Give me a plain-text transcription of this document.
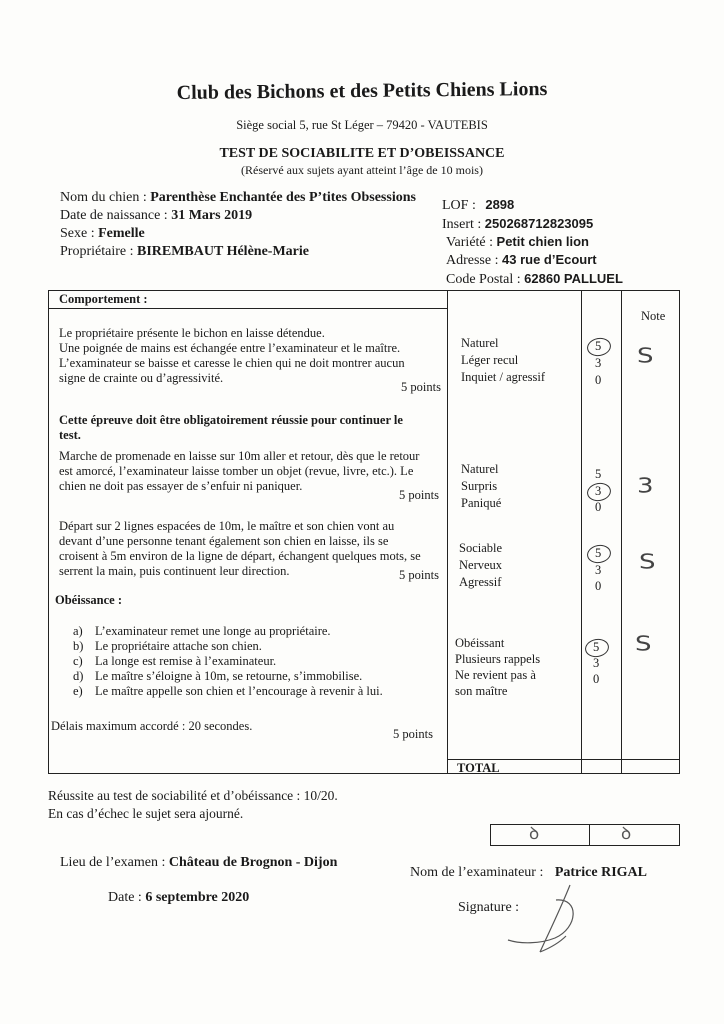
Club des Bichons et des Petits Chiens Lions
Siège social 5, rue St Léger – 79420 - VAUTEBIS
TEST DE SOCIABILITE ET D’OBEISSANCE
(Réservé aux sujets ayant atteint l’âge de 10 mois)
Nom du chien : Parenthèse Enchantée des P’tites Obsessions
Date de naissance : 31 Mars 2019
Sexe : Femelle
Propriétaire : BIREMBAUT Hélène-Marie
LOF : 2898
Insert : 250268712823095
Variété : Petit chien lion
Adresse : 43 rue d’Ecourt
Code Postal : 62860 PALLUEL
Comportement :
Note
Le propriétaire présente le bichon en laisse détendue.
Une poignée de mains est échangée entre l’examinateur et le maître.
L’examinateur se baisse et caresse le chien qui ne doit montrer aucun
signe de crainte ou d’agressivité.
5 points
Naturel
Léger recul
Inquiet / agressif
5
3
0
S
Cette épreuve doit être obligatoirement réussie pour continuer le
test.
Marche de promenade en laisse sur 10m aller et retour, dès que le retour
est amorcé, l’examinateur laisse tomber un objet (revue, livre, etc.). Le
chien ne doit pas essayer de s’enfuir ni paniquer.
5 points
Naturel
Surpris
Paniqué
5
3
0
3
Départ sur 2 lignes espacées de 10m, le maître et son chien vont au
devant d’une personne tenant également son chien en laisse, ils se
croisent à 5m environ de la ligne de départ, échangent quelques mots, se
serrent la main, puis continuent leur direction.	5 points
Sociable
Nerveux
Agressif
5
3
0
S
Obéissance :
a) L’examinateur remet une longe au propriétaire.
b) Le propriétaire attache son chien.
c) La longe est remise à l’examinateur.
d) Le maître s’éloigne à 10m, se retourne, s’immobilise.
e) Le maître appelle son chien et l’encourage à revenir à lui.
Délais maximum accordé : 20 secondes.
5 points
Obéissant
Plusieurs rappels
Ne revient pas à
son maître
5
3
0
S
TOTAL
Réussite au test de sociabilité et d’obéissance : 10/20.
En cas d’échec le sujet sera ajourné.
ꝺ	ꝺ
Lieu de l’examen : Château de Brognon - Dijon
Nom de l’examinateur : Patrice RIGAL
Date : 6 septembre 2020
Signature :
